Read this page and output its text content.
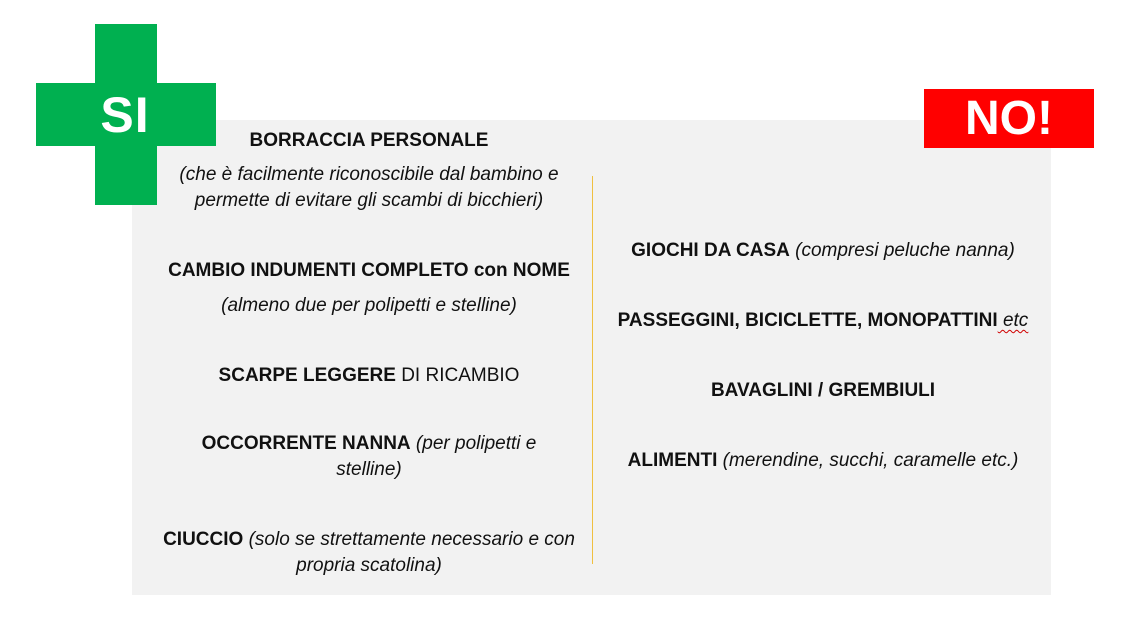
SI	NO!
BORRACCIA PERSONALE
(che è facilmente riconoscibile dal bambino e permette di evitare gli scambi di bicchieri)
CAMBIO INDUMENTI COMPLETO con NOME
(almeno due per polipetti e stelline)
SCARPE LEGGERE DI RICAMBIO
OCCORRENTE NANNA (per polipetti e stelline)
CIUCCIO (solo se strettamente necessario e con propria scatolina)
GIOCHI DA CASA (compresi peluche nanna)
PASSEGGINI, BICICLETTE, MONOPATTINI etc
BAVAGLINI / GREMBIULI
ALIMENTI (merendine, succhi, caramelle etc.)
